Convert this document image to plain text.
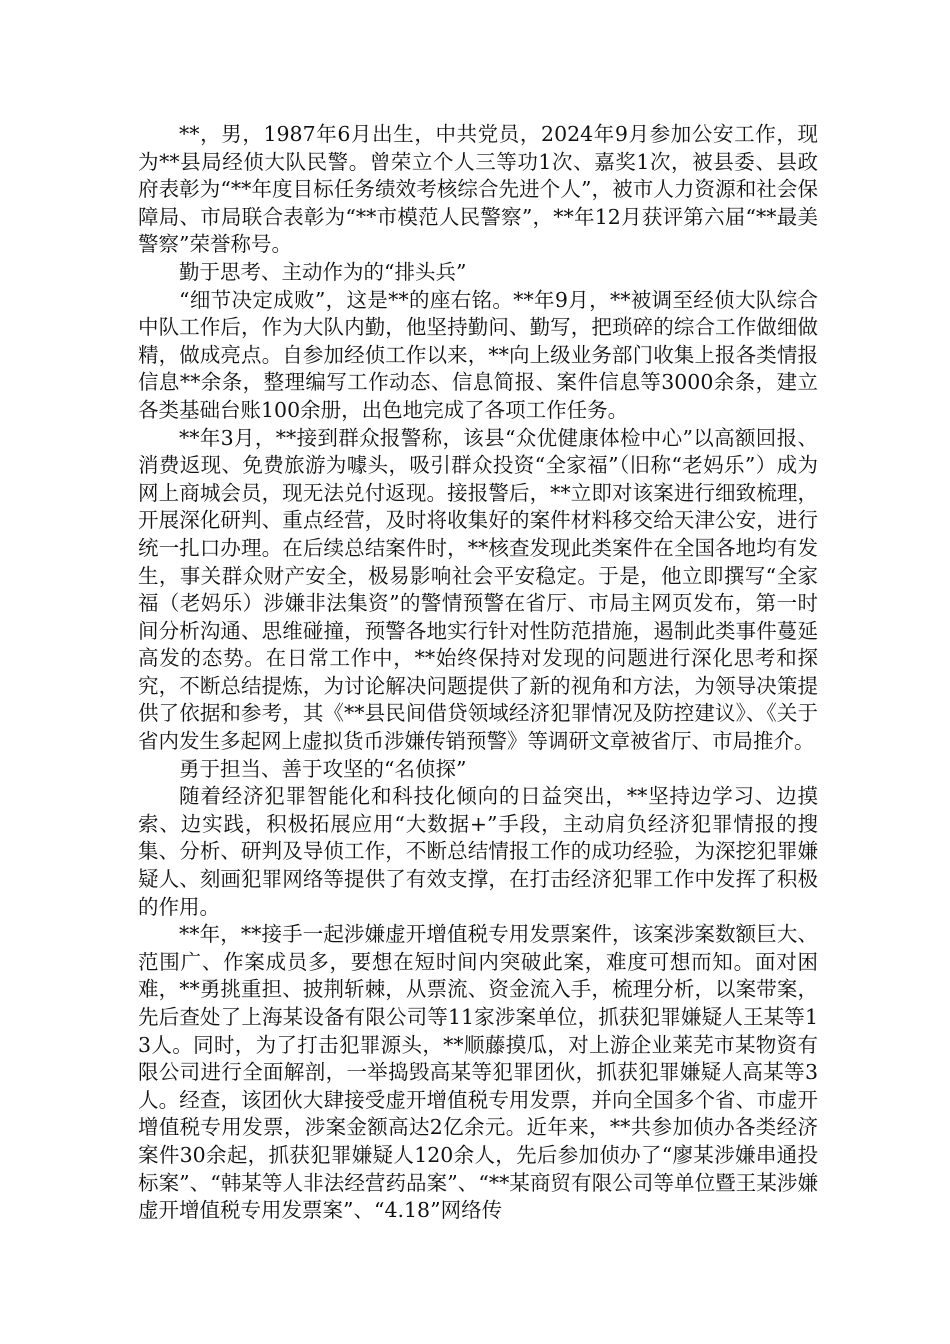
**，男，1987年6月出生，中共党员，2024年9月参加公安工作，现为**县局经侦大队民警。曾荣立个人三等功1次、嘉奖1次，被县委、县政府表彰为“**年度目标任务绩效考核综合先进个人”，被市人力资源和社会保障局、市局联合表彰为“**市模范人民警察”，**年12月获评第六届“**最美警察”荣誉称号。

勤于思考、主动作为的“排头兵”

“细节决定成败”，这是**的座右铭。**年9月，**被调至经侦大队综合中队工作后，作为大队内勤，他坚持勤问、勤写，把琐碎的综合工作做细做精，做成亮点。自参加经侦工作以来，**向上级业务部门收集上报各类情报信息**余条，整理编写工作动态、信息简报、案件信息等3000余条，建立各类基础台账100余册，出色地完成了各项工作任务。

**年3月，**接到群众报警称，该县“众优健康体检中心”以高额回报、消费返现、免费旅游为噱头，吸引群众投资“全家福”（旧称“老妈乐”）成为网上商城会员，现无法兑付返现。接报警后，**立即对该案进行细致梳理，开展深化研判、重点经营，及时将收集好的案件材料移交给天津公安，进行统一扎口办理。在后续总结案件时，**核查发现此类案件在全国各地均有发生，事关群众财产安全，极易影响社会平安稳定。于是，他立即撰写“全家福（老妈乐）涉嫌非法集资”的警情预警在省厅、市局主网页发布，第一时间分析沟通、思维碰撞，预警各地实行针对性防范措施，遏制此类事件蔓延高发的态势。在日常工作中，**始终保持对发现的问题进行深化思考和探究，不断总结提炼，为讨论解决问题提供了新的视角和方法，为领导决策提供了依据和参考，其《**县民间借贷领域经济犯罪情况及防控建议》、《关于省内发生多起网上虚拟货币涉嫌传销预警》等调研文章被省厅、市局推介。

勇于担当、善于攻坚的“名侦探”

随着经济犯罪智能化和科技化倾向的日益突出，**坚持边学习、边摸索、边实践，积极拓展应用“大数据+”手段，主动肩负经济犯罪情报的搜集、分析、研判及导侦工作，不断总结情报工作的成功经验，为深挖犯罪嫌疑人、刻画犯罪网络等提供了有效支撑，在打击经济犯罪工作中发挥了积极的作用。

**年，**接手一起涉嫌虚开增值税专用发票案件，该案涉案数额巨大、范围广、作案成员多，要想在短时间内突破此案，难度可想而知。面对困难，**勇挑重担、披荆斩棘，从票流、资金流入手，梳理分析，以案带案，先后查处了上海某设备有限公司等11家涉案单位，抓获犯罪嫌疑人王某等13人。同时，为了打击犯罪源头，**顺藤摸瓜，对上游企业莱芜市某物资有限公司进行全面解剖，一举捣毁高某等犯罪团伙，抓获犯罪嫌疑人高某等3人。经查，该团伙大肆接受虚开增值税专用发票，并向全国多个省、市虚开增值税专用发票，涉案金额高达2亿余元。近年来，**共参加侦办各类经济案件30余起，抓获犯罪嫌疑人120余人，先后参加侦办了“廖某涉嫌串通投标案”、“韩某等人非法经营药品案”、“**某商贸有限公司等单位暨王某涉嫌虚开增值税专用发票案”、“4.18”网络传
